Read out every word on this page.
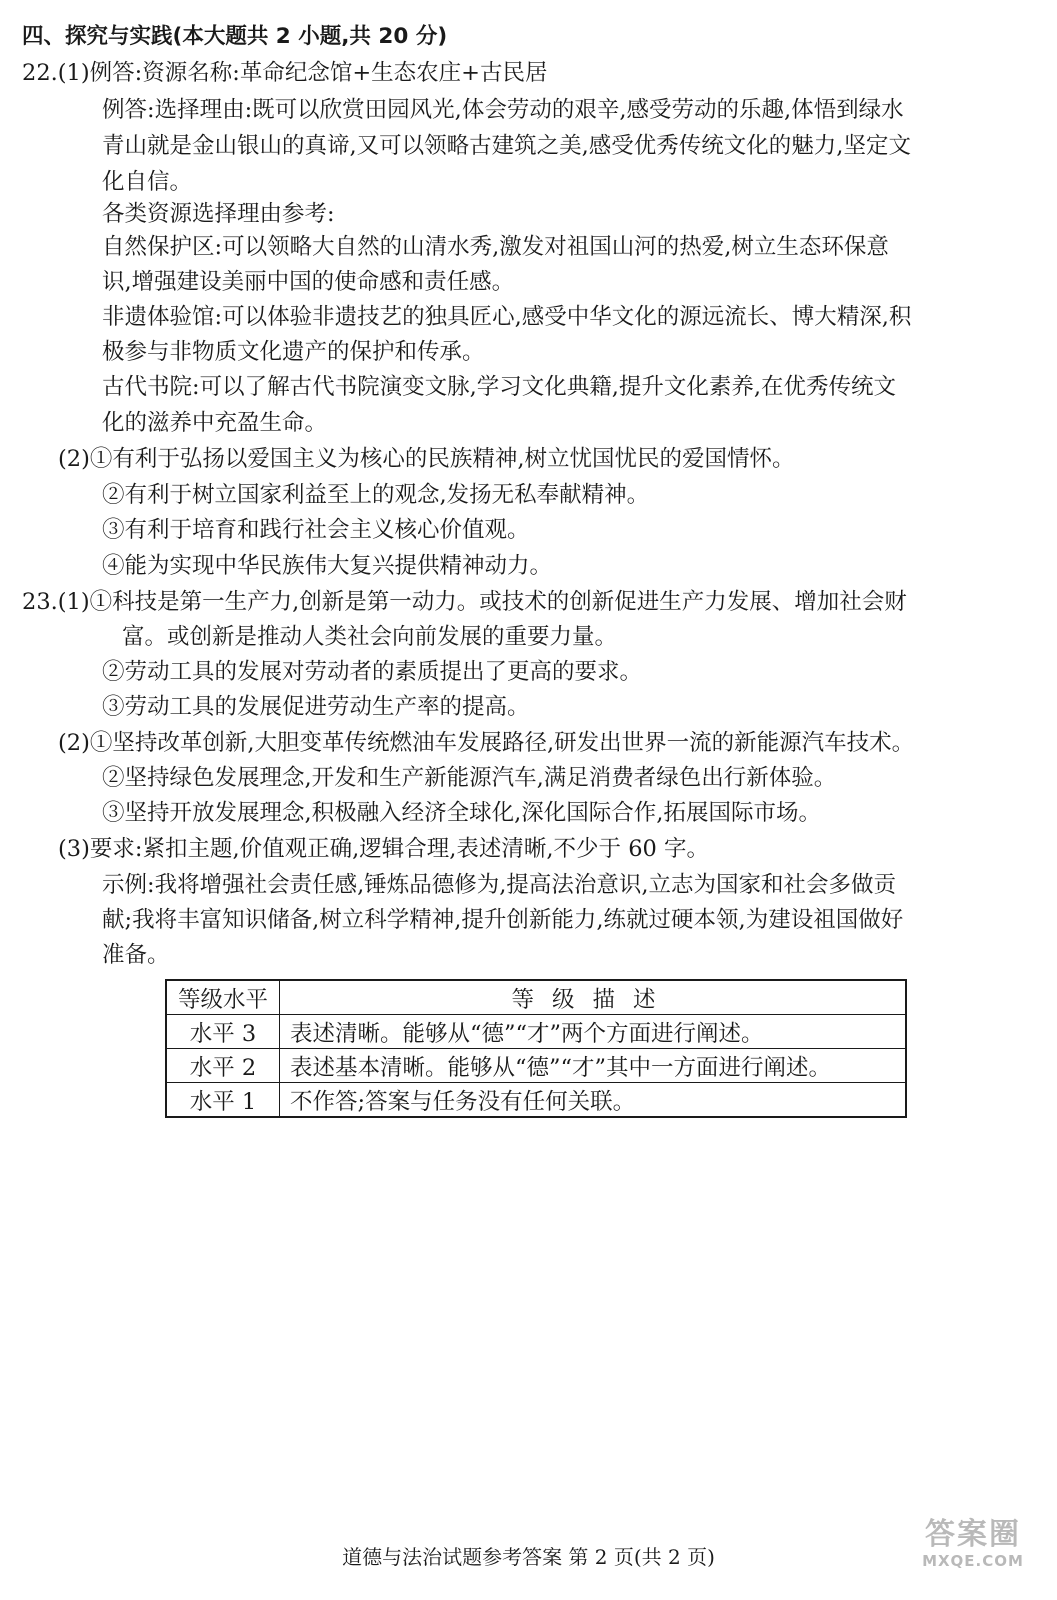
四、探究与实践(本大题共 2 小题,共 20 分)
22.(1)例答:资源名称:革命纪念馆+生态农庄+古民居
例答:选择理由:既可以欣赏田园风光,体会劳动的艰辛,感受劳动的乐趣,体悟到绿水
青山就是金山银山的真谛,又可以领略古建筑之美,感受优秀传统文化的魅力,坚定文
化自信。
各类资源选择理由参考:
自然保护区:可以领略大自然的山清水秀,激发对祖国山河的热爱,树立生态环保意
识,增强建设美丽中国的使命感和责任感。
非遗体验馆:可以体验非遗技艺的独具匠心,感受中华文化的源远流长、博大精深,积
极参与非物质文化遗产的保护和传承。
古代书院:可以了解古代书院演变文脉,学习文化典籍,提升文化素养,在优秀传统文
化的滋养中充盈生命。
(2)①有利于弘扬以爱国主义为核心的民族精神,树立忧国忧民的爱国情怀。
②有利于树立国家利益至上的观念,发扬无私奉献精神。
③有利于培育和践行社会主义核心价值观。
④能为实现中华民族伟大复兴提供精神动力。
23.(1)①科技是第一生产力,创新是第一动力。或技术的创新促进生产力发展、增加社会财
富。或创新是推动人类社会向前发展的重要力量。
②劳动工具的发展对劳动者的素质提出了更高的要求。
③劳动工具的发展促进劳动生产率的提高。
(2)①坚持改革创新,大胆变革传统燃油车发展路径,研发出世界一流的新能源汽车技术。
②坚持绿色发展理念,开发和生产新能源汽车,满足消费者绿色出行新体验。
③坚持开放发展理念,积极融入经济全球化,深化国际合作,拓展国际市场。
(3)要求:紧扣主题,价值观正确,逻辑合理,表述清晰,不少于 60 字。
示例:我将增强社会责任感,锤炼品德修为,提高法治意识,立志为国家和社会多做贡
献;我将丰富知识储备,树立科学精神,提升创新能力,练就过硬本领,为建设祖国做好
准备。
等级水平	等级描述
水平 3	表述清晰。能够从“德”“才”两个方面进行阐述。
水平 2	表述基本清晰。能够从“德”“才”其中一方面进行阐述。
水平 1	不作答;答案与任务没有任何关联。
道德与法治试题参考答案 第 2 页(共 2 页)
答案圈
MXQE.COM
